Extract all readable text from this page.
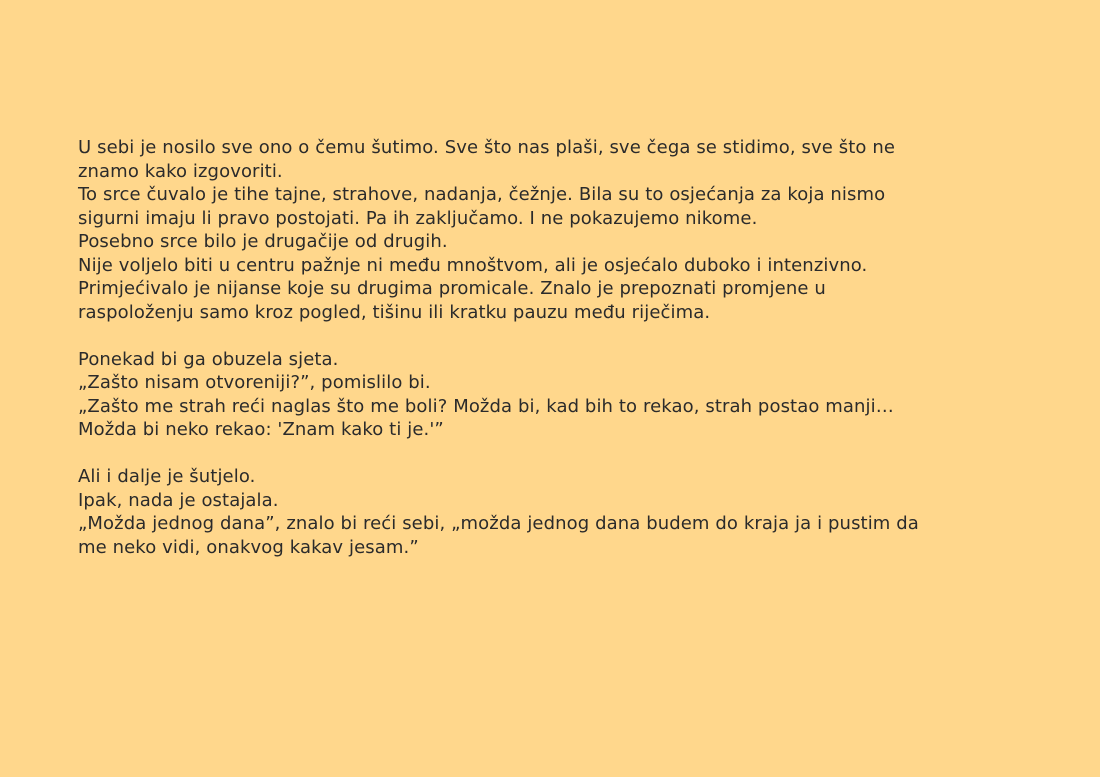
U sebi je nosilo sve ono o čemu šutimo. Sve što nas plaši, sve čega se stidimo, sve što ne
znamo kako izgovoriti.
To srce čuvalo je tihe tajne, strahove, nadanja, čežnje. Bila su to osjećanja za koja nismo
sigurni imaju li pravo postojati. Pa ih zaključamo. I ne pokazujemo nikome.
Posebno srce bilo je drugačije od drugih.
Nije voljelo biti u centru pažnje ni među mnoštvom, ali je osjećalo duboko i intenzivno.
Primjećivalo je nijanse koje su drugima promicale. Znalo je prepoznati promjene u
raspoloženju samo kroz pogled, tišinu ili kratku pauzu među riječima.
Ponekad bi ga obuzela sjeta.
„Zašto nisam otvoreniji?”, pomislilo bi.
„Zašto me strah reći naglas što me boli? Možda bi, kad bih to rekao, strah postao manji…
Možda bi neko rekao: 'Znam kako ti je.'”
Ali i dalje je šutjelo.
Ipak, nada je ostajala.
„Možda jednog dana”, znalo bi reći sebi, „možda jednog dana budem do kraja ja i pustim da
me neko vidi, onakvog kakav jesam.”
